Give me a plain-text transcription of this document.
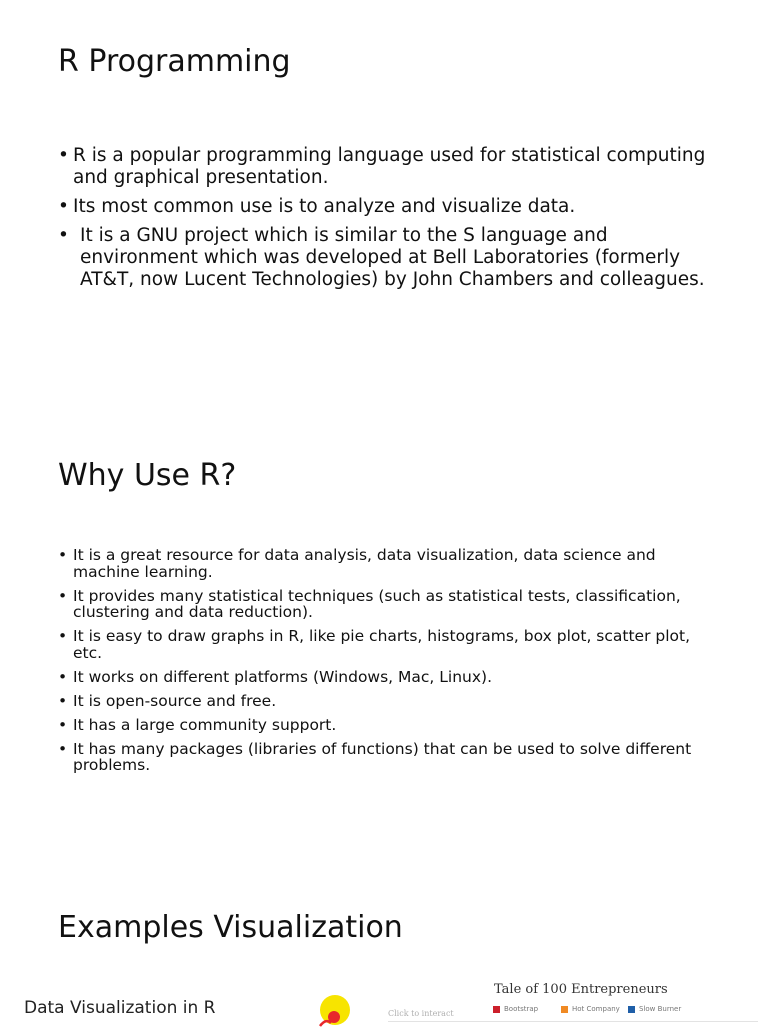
R Programming
• R is a popular programming language used for statistical computing and graphical presentation.
• Its most common use is to analyze and visualize data.
• It is a GNU project which is similar to the S language and environment which was developed at Bell Laboratories (formerly AT&T, now Lucent Technologies) by John Chambers and colleagues.
Why Use R?
• It is a great resource for data analysis, data visualization, data science and machine learning.
• It provides many statistical techniques (such as statistical tests, classification, clustering and data reduction).
• It is easy to draw graphs in R, like pie charts, histograms, box plot, scatter plot, etc.
• It works on different platforms (Windows, Mac, Linux).
• It is open-source and free.
• It has a large community support.
• It has many packages (libraries of functions) that can be used to solve different problems.
Examples Visualization
Data Visualization in R	Click to interact
Tale of 100 Entrepreneurs
Bootstrap	Hot Company	Slow Burner
